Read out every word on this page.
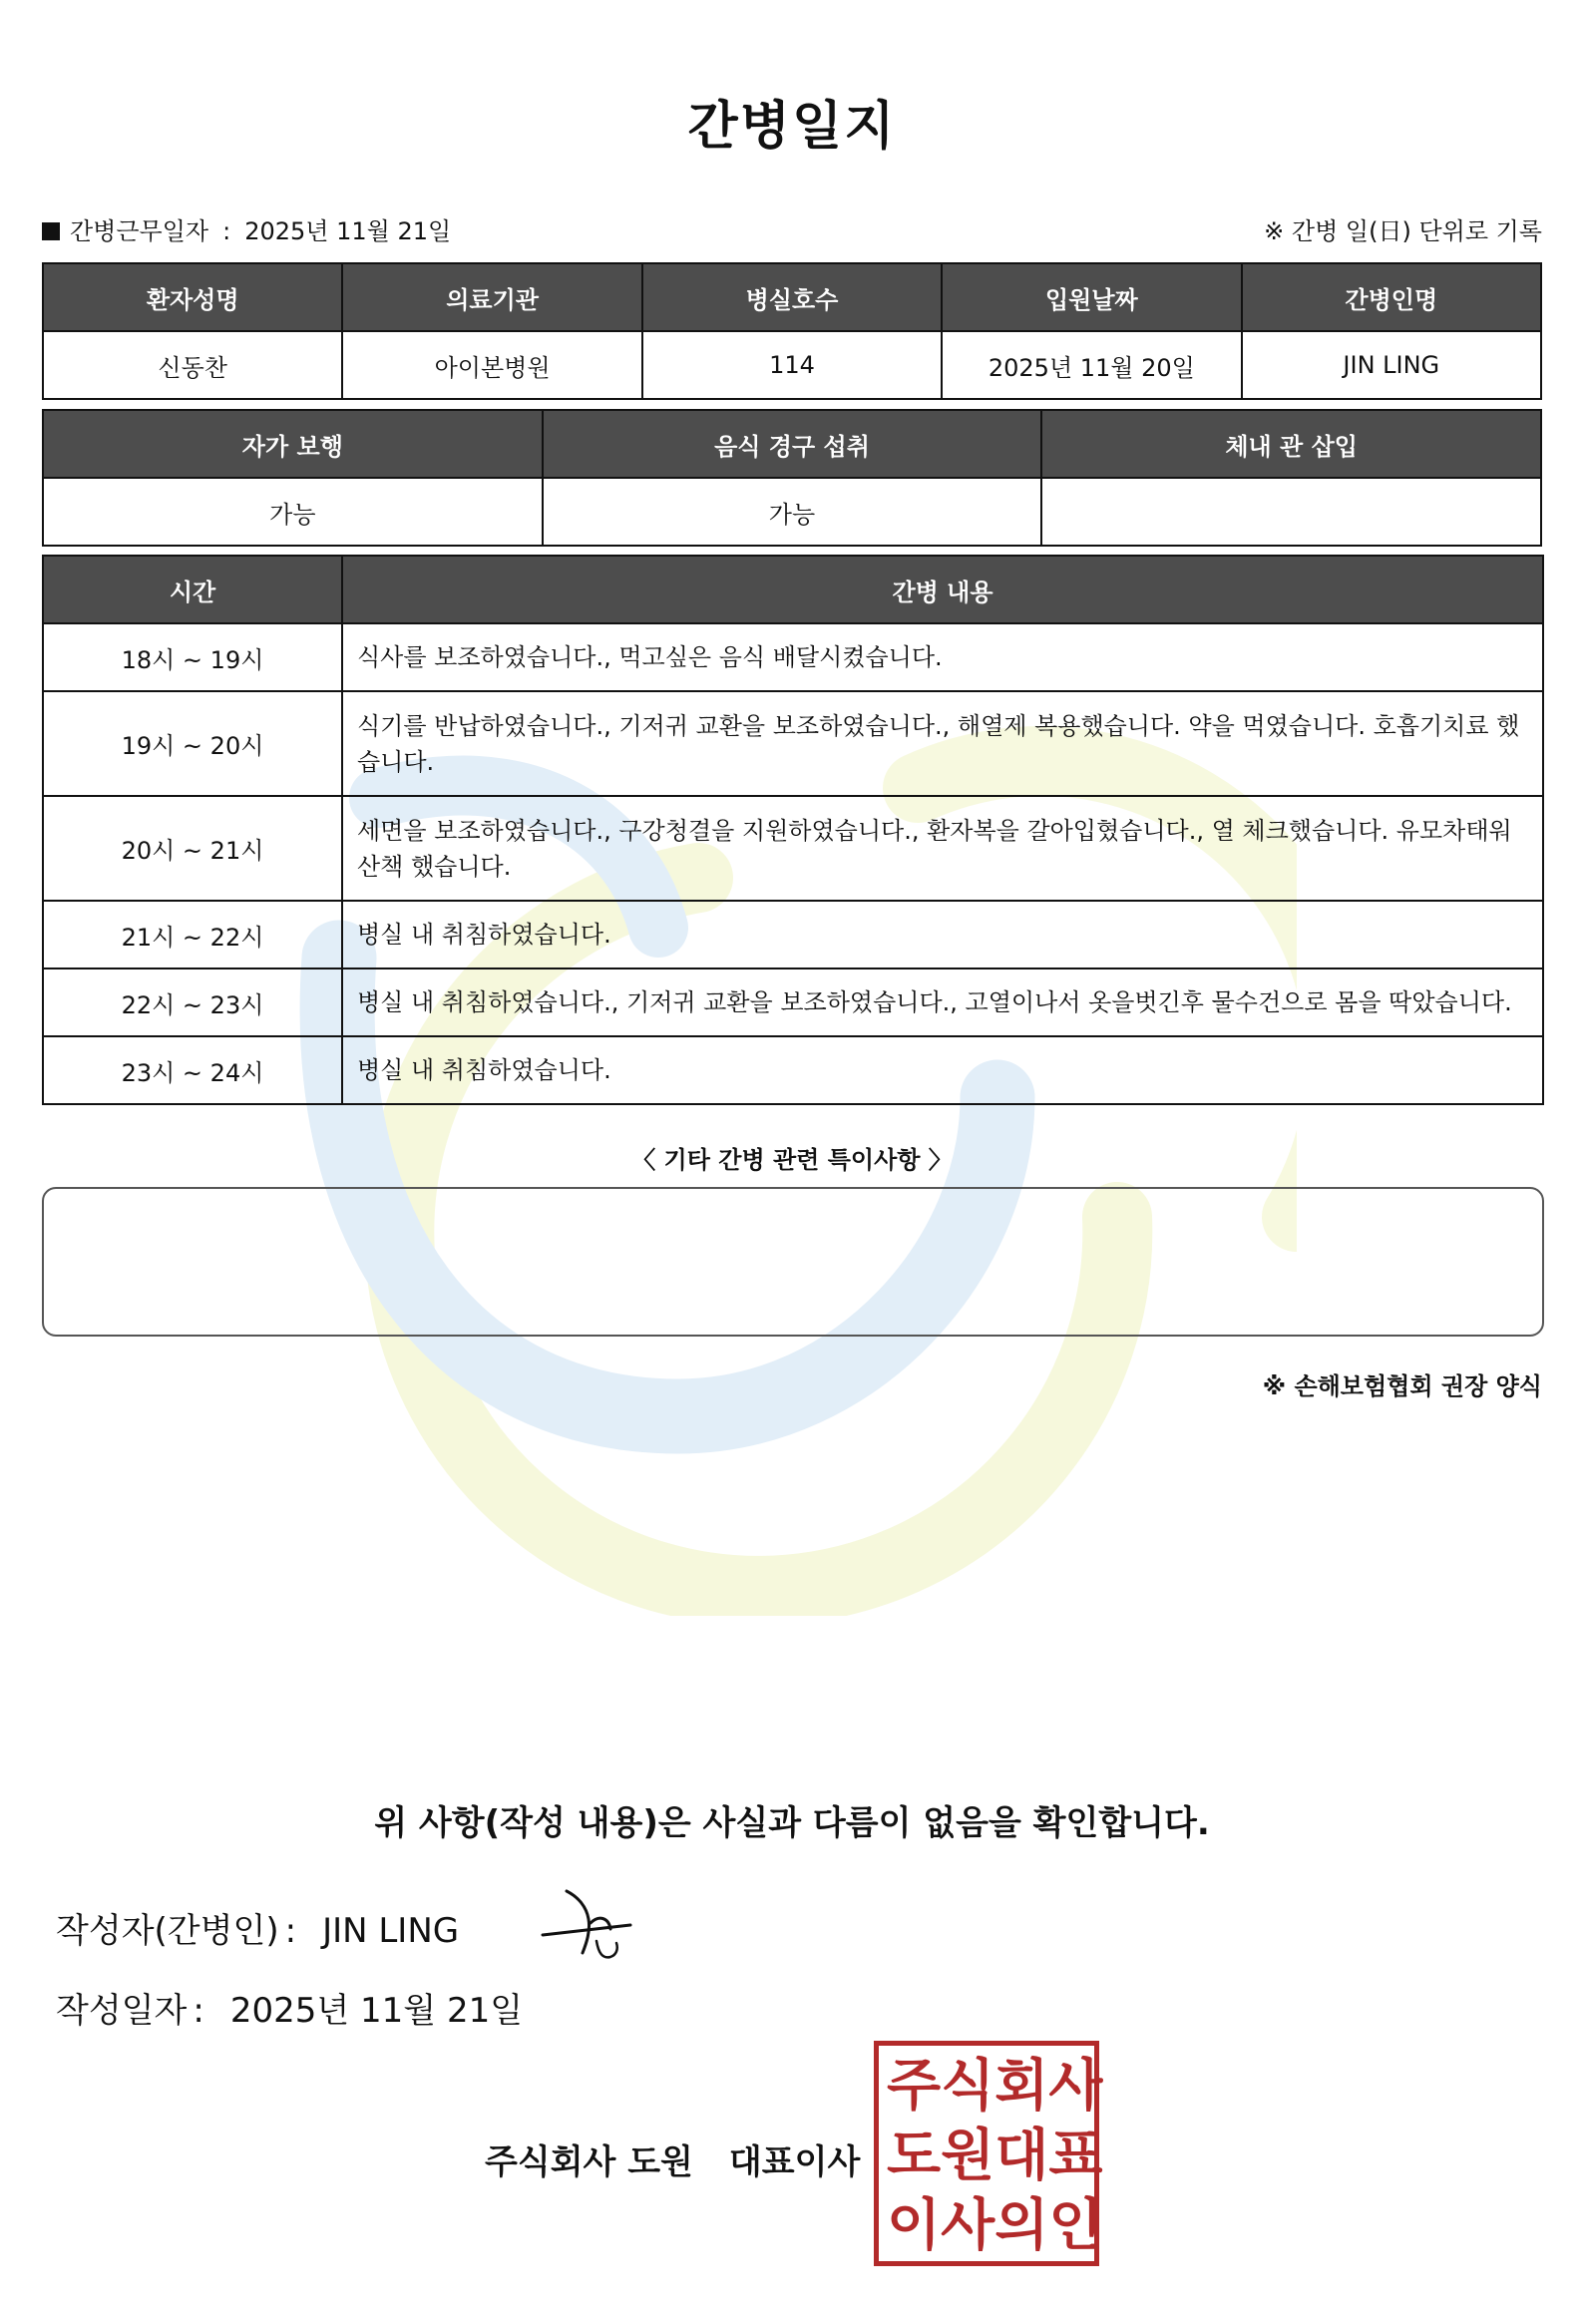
간병일지
간병근무일자 : 2025년 11월 21일	※ 간병 일(日) 단위로 기록
환자성명	의료기관	병실호수	입원날짜	간병인명
신동찬	아이본병원	114	2025년 11월 20일	JIN LING
자가 보행	음식 경구 섭취	체내 관 삽입
가능	가능	
시간	간병 내용
18시 ~ 19시	식사를 보조하였습니다., 먹고싶은 음식 배달시켰습니다.
19시 ~ 20시	식기를 반납하였습니다., 기저귀 교환을 보조하였습니다., 해열제 복용했습니다. 약을 먹였습니다. 호흡기치료 했습니다.
20시 ~ 21시	세면을 보조하였습니다., 구강청결을 지원하였습니다., 환자복을 갈아입혔습니다., 열 체크했습니다. 유모차태워 산책 했습니다.
21시 ~ 22시	병실 내 취침하였습니다.
22시 ~ 23시	병실 내 취침하였습니다., 기저귀 교환을 보조하였습니다., 고열이나서 옷을벗긴후 물수건으로 몸을 딱았습니다.
23시 ~ 24시	병실 내 취침하였습니다.
〈 기타 간병 관련 특이사항 〉
※ 손해보험협회 권장 양식
위 사항(작성 내용)은 사실과 다름이 없음을 확인합니다.
작성자(간병인) : JIN LING
작성일자 : 2025년 11월 21일
주식회사 도원 대표이사
주 식 회 사
도 원 대 표
이 사 의 인
